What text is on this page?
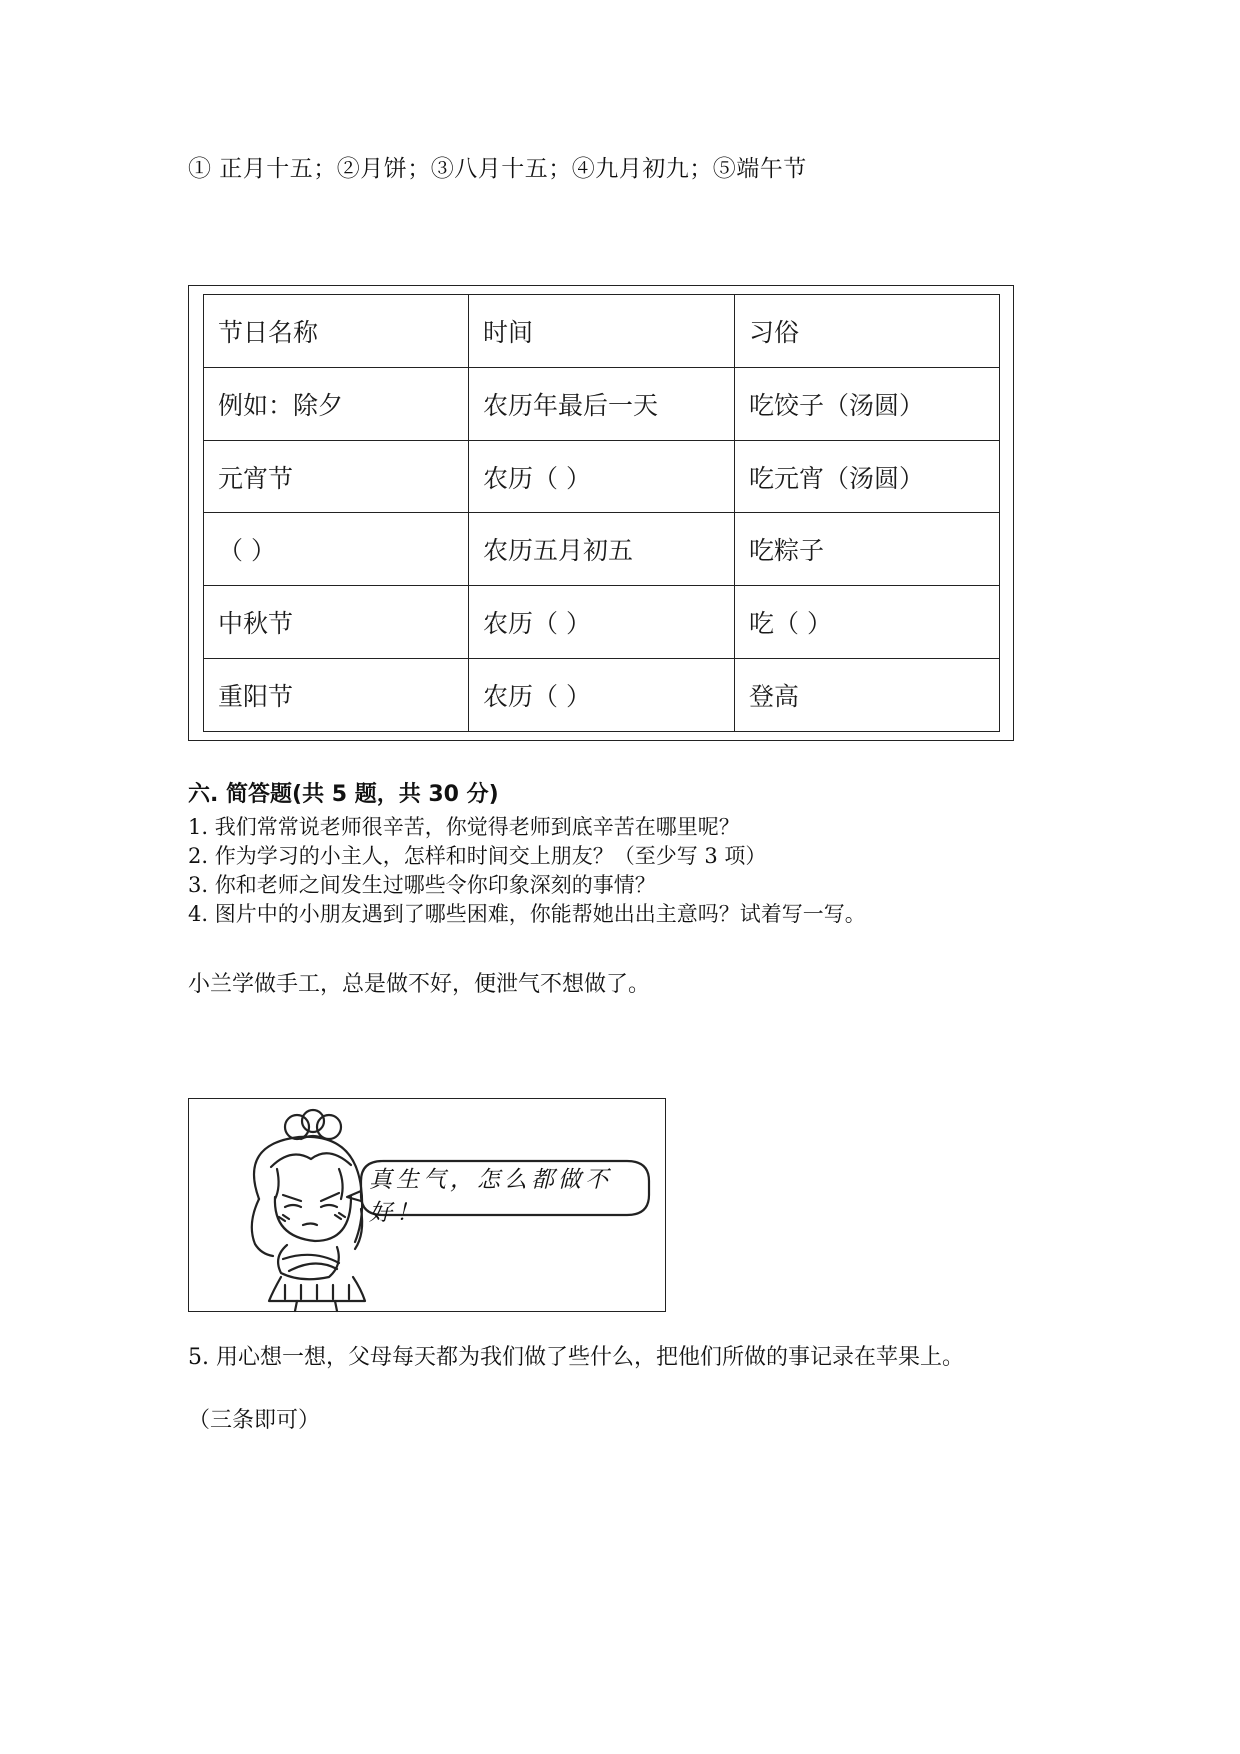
① 正月十五；②月饼；③八月十五；④九月初九；⑤端午节
节日名称	时间	习俗
例如：除夕	农历年最后一天	吃饺子（汤圆）
元宵节	农历（ ）	吃元宵（汤圆）
（ ）	农历五月初五	吃粽子
中秋节	农历（ ）	吃（ ）
重阳节	农历（ ）	登高
六. 简答题(共 5 题，共 30 分)
1. 我们常常说老师很辛苦，你觉得老师到底辛苦在哪里呢？
2. 作为学习的小主人，怎样和时间交上朋友？（至少写 3 项）
3. 你和老师之间发生过哪些令你印象深刻的事情？
4. 图片中的小朋友遇到了哪些困难，你能帮她出出主意吗？试着写一写。
小兰学做手工，总是做不好，便泄气不想做了。
真生气，怎么都做不好！
5. 用心想一想，父母每天都为我们做了些什么，把他们所做的事记录在苹果上。
（三条即可）
